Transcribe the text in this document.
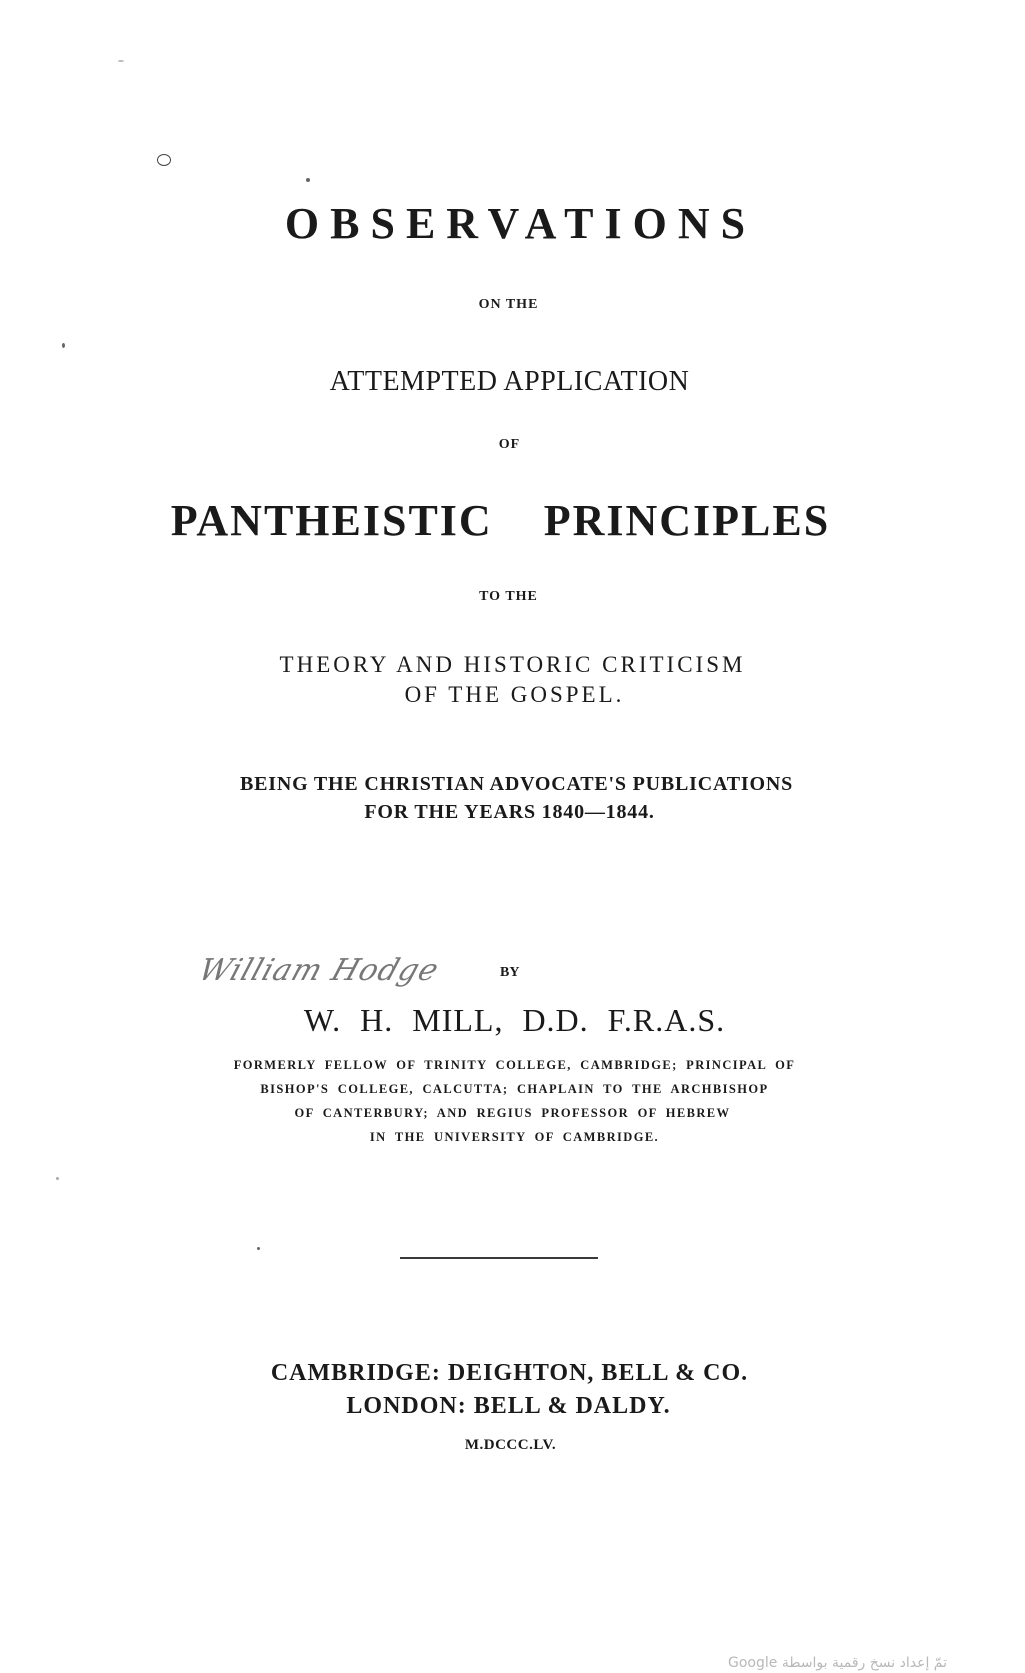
OBSERVATIONS
ON THE
ATTEMPTED APPLICATION
OF
PANTHEISTIC PRINCIPLES
TO THE
THEORY AND HISTORIC CRITICISM
OF THE GOSPEL.
BEING THE CHRISTIAN ADVOCATE'S PUBLICATIONS
FOR THE YEARS 1840—1844.
William Hodge	BY
W. H. MILL, D.D. F.R.A.S.
FORMERLY FELLOW OF TRINITY COLLEGE, CAMBRIDGE; PRINCIPAL OF
BISHOP'S COLLEGE, CALCUTTA; CHAPLAIN TO THE ARCHBISHOP
OF CANTERBURY; AND REGIUS PROFESSOR OF HEBREW
IN THE UNIVERSITY OF CAMBRIDGE.
CAMBRIDGE: DEIGHTON, BELL & CO.
LONDON: BELL & DALDY.
M.DCCC.LV.
تمّ إعداد نسخ رقمية بواسطة Google
